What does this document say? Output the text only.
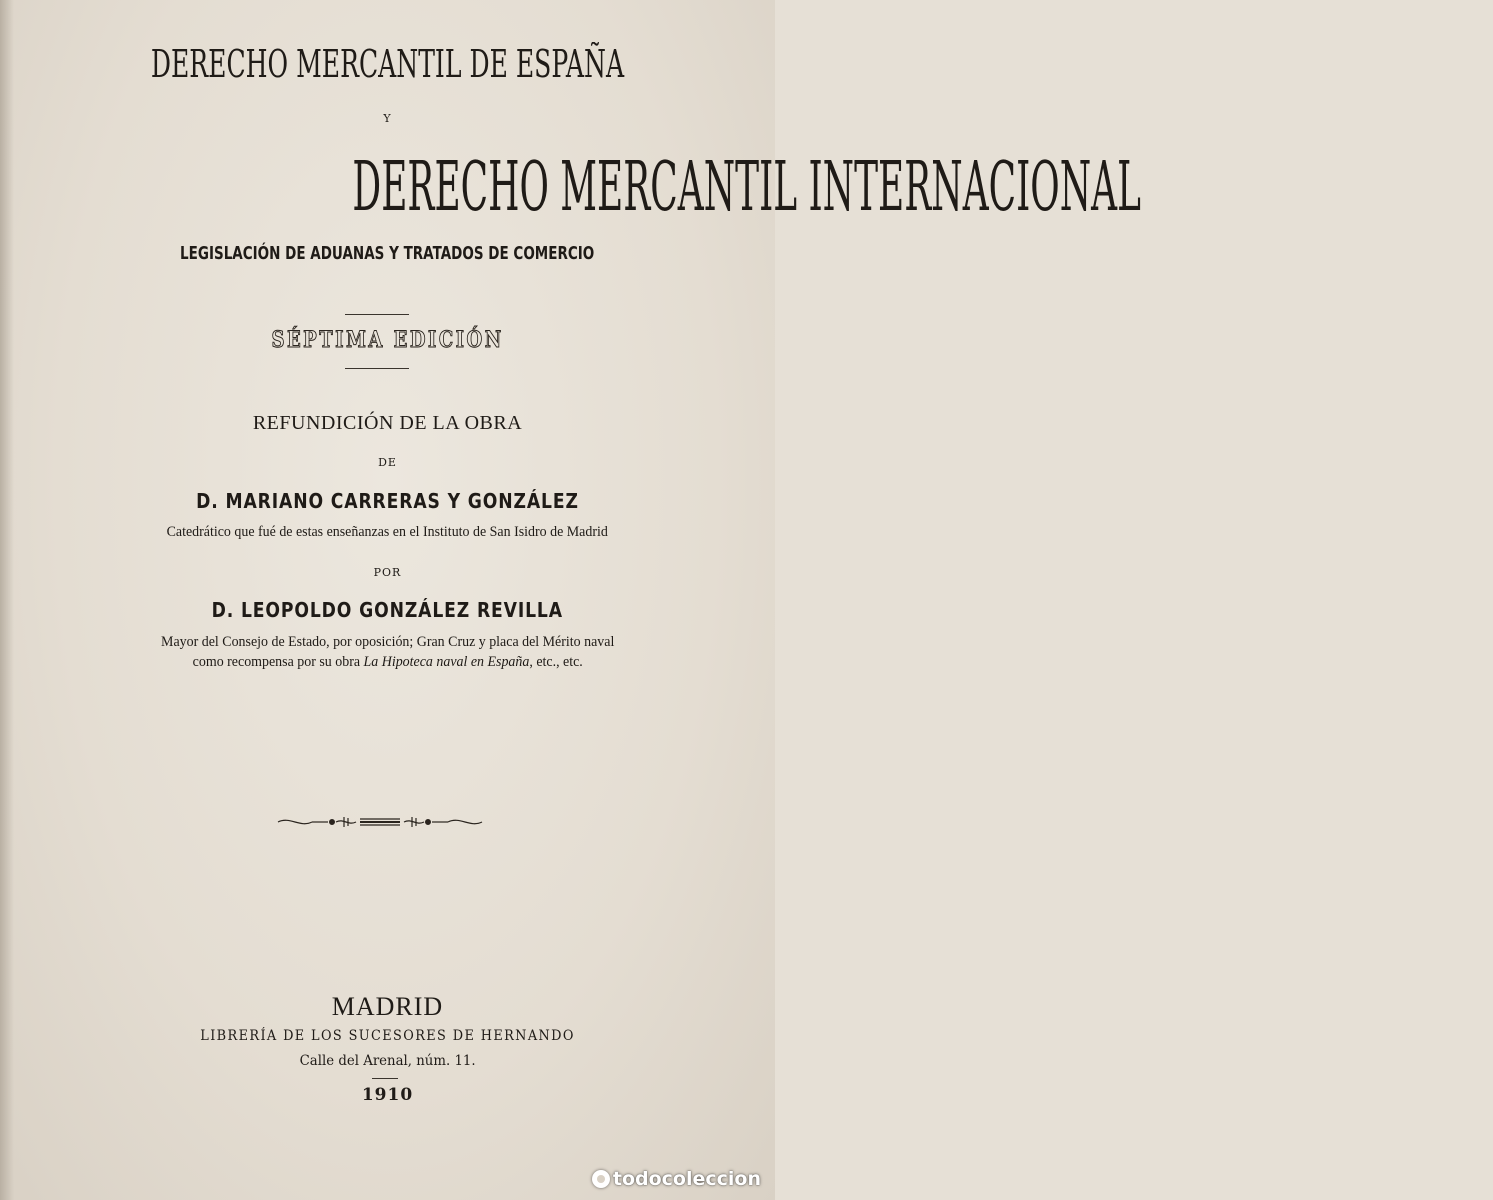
DERECHO MERCANTIL DE ESPAÑA
Y
DERECHO MERCANTIL INTERNACIONAL
LEGISLACIÓN DE ADUANAS Y TRATADOS DE COMERCIO
SÉPTIMA EDICIÓN
REFUNDICIÓN DE LA OBRA
DE
D. MARIANO CARRERAS Y GONZÁLEZ
Catedrático que fué de estas enseñanzas en el Instituto de San Isidro de Madrid
POR
D. LEOPOLDO GONZÁLEZ REVILLA
Mayor del Consejo de Estado, por oposición; Gran Cruz y placa del Mérito naval
como recompensa por su obra La Hipoteca naval en España, etc., etc.
MADRID
LIBRERÍA DE LOS SUCESORES DE HERNANDO
Calle del Arenal, núm. 11.
1910
todocoleccion
